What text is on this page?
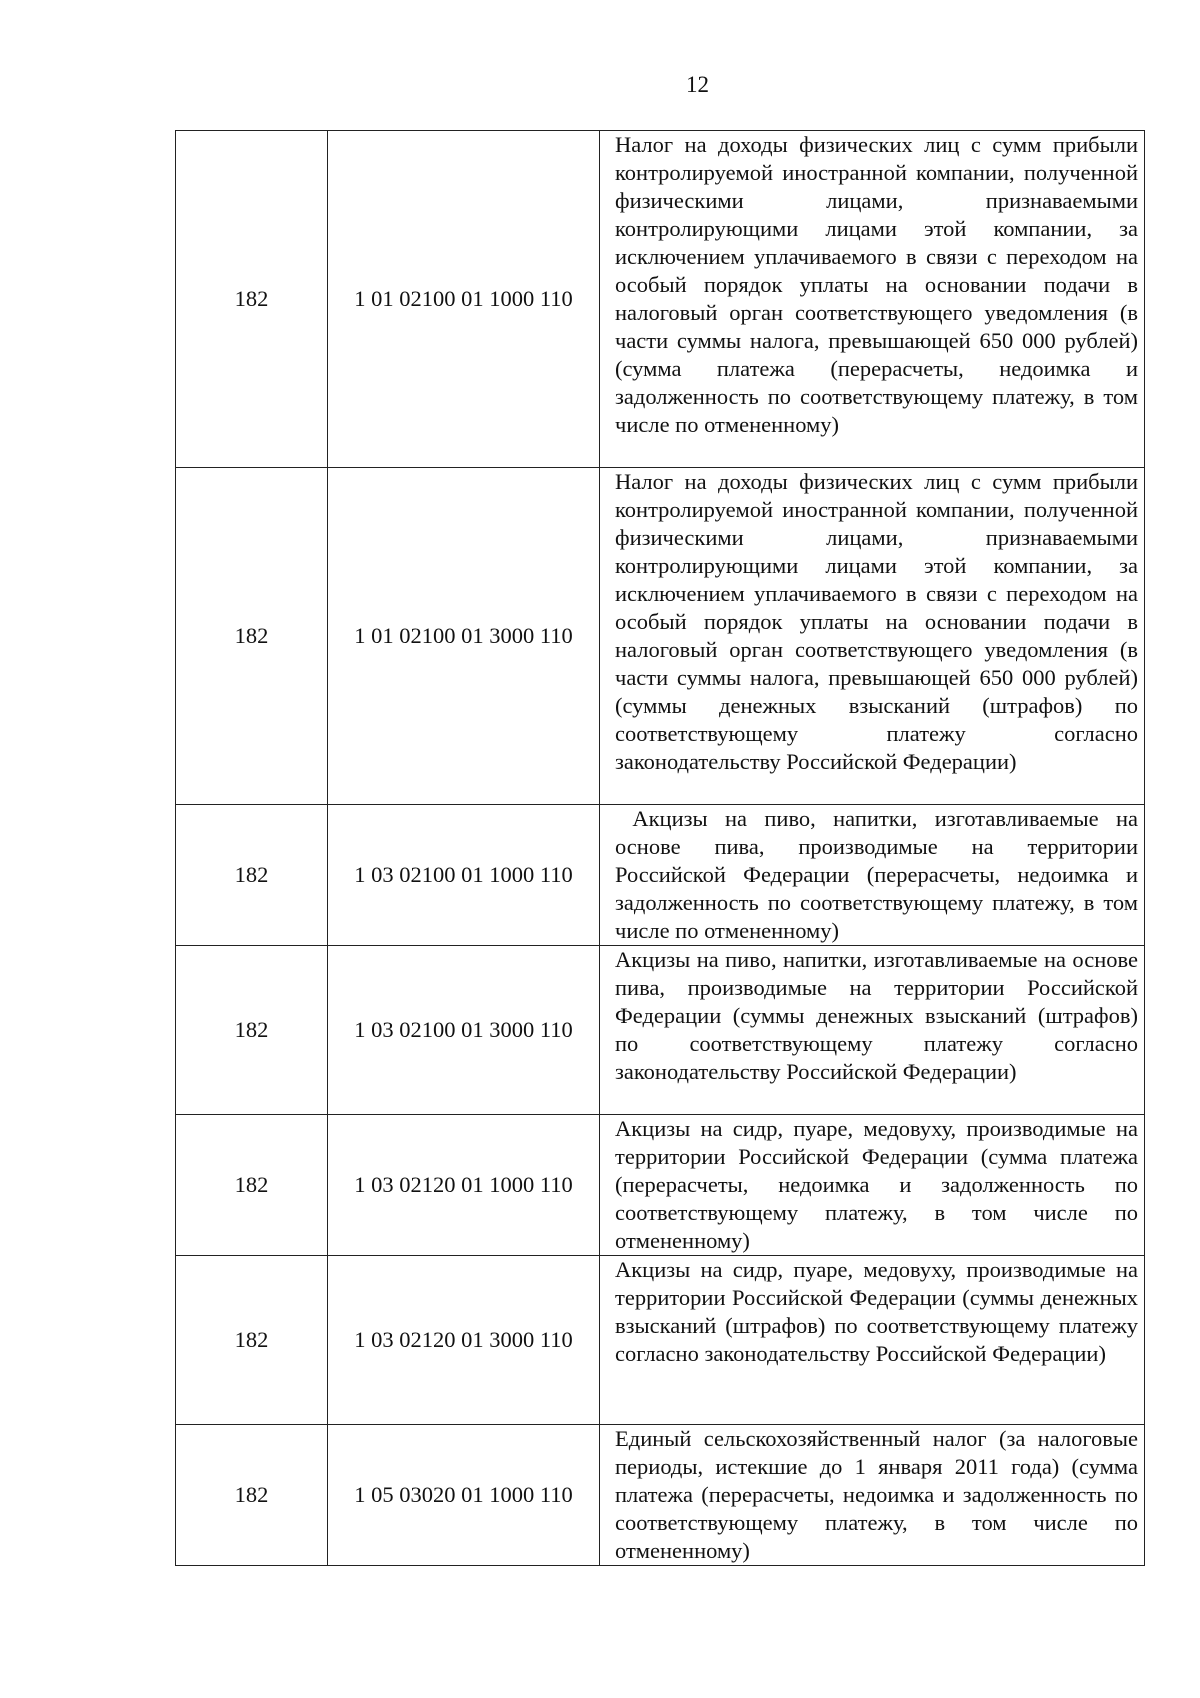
12
182	1 01 02100 01 1000 110	Налог на доходы физических лиц с сумм прибыли контролируемой иностранной компании, полученной физическими лицами, признаваемыми контролирующими лицами этой компании, за исключением уплачиваемого в связи с переходом на особый порядок уплаты на основании подачи в налоговый орган соответствующего уведомления (в части суммы налога, превышающей 650 000 рублей) (сумма платежа (перерасчеты, недоимка и задолженность по соответствующему платежу, в том числе по отмененному)
182	1 01 02100 01 3000 110	Налог на доходы физических лиц с сумм прибыли контролируемой иностранной компании, полученной физическими лицами, признаваемыми контролирующими лицами этой компании, за исключением уплачиваемого в связи с переходом на особый порядок уплаты на основании подачи в налоговый орган соответствующего уведомления (в части суммы налога, превышающей 650 000 рублей) (суммы денежных взысканий (штрафов) по соответствующему платежу согласно законодательству Российской Федерации)
182	1 03 02100 01 1000 110	Акцизы на пиво, напитки, изготавливаемые на основе пива, производимые на территории Российской Федерации (перерасчеты, недоимка и задолженность по соответствующему платежу, в том числе по отмененному)
182	1 03 02100 01 3000 110	Акцизы на пиво, напитки, изготавливаемые на основе пива, производимые на территории Российской Федерации (суммы денежных взысканий (штрафов) по соответствующему платежу согласно законодательству Российской Федерации)
182	1 03 02120 01 1000 110	Акцизы на сидр, пуаре, медовуху, производимые на территории Российской Федерации (сумма платежа (перерасчеты, недоимка и задолженность по соответствующему платежу, в том числе по отмененному)
182	1 03 02120 01 3000 110	Акцизы на сидр, пуаре, медовуху, производимые на территории Российской Федерации (суммы денежных взысканий (штрафов) по соответствующему платежу согласно законодательству Российской Федерации)
182	1 05 03020 01 1000 110	Единый сельскохозяйственный налог (за налоговые периоды, истекшие до 1 января 2011 года) (сумма платежа (перерасчеты, недоимка и задолженность по соответствующему платежу, в том числе по отмененному)
